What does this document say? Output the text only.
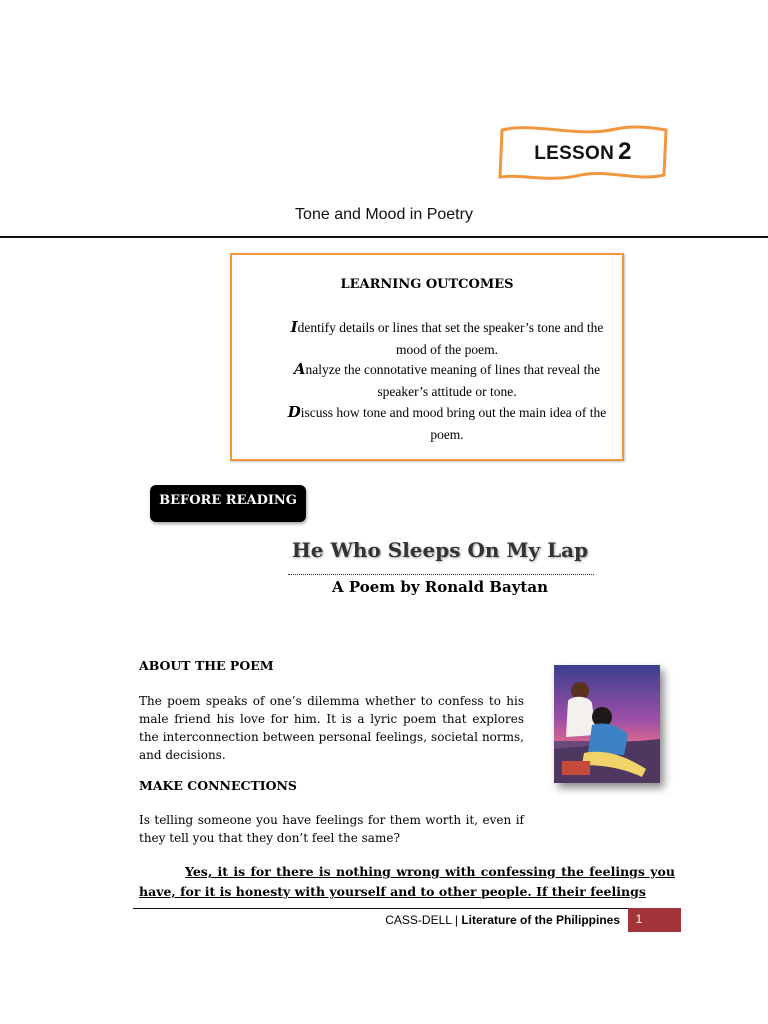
LESSON 2
Tone and Mood in Poetry
LEARNING OUTCOMES
Identify details or lines that set the speaker’s tone and the mood of the poem.
Analyze the connotative meaning of lines that reveal the speaker’s attitude or tone.
Discuss how tone and mood bring out the main idea of the poem.
BEFORE READING
He Who Sleeps On My Lap
A Poem by Ronald Baytan
ABOUT THE POEM
The poem speaks of one’s dilemma whether to confess to his male friend his love for him. It is a lyric poem that explores the interconnection between personal feelings, societal norms, and decisions.
MAKE CONNECTIONS
Is telling someone you have feelings for them worth it, even if they tell you that they don’t feel the same?
Yes, it is for there is nothing wrong with confessing the feelings you have, for it is honesty with yourself and to other people. If their feelings
CASS-DELL | Literature of the Philippines	1
